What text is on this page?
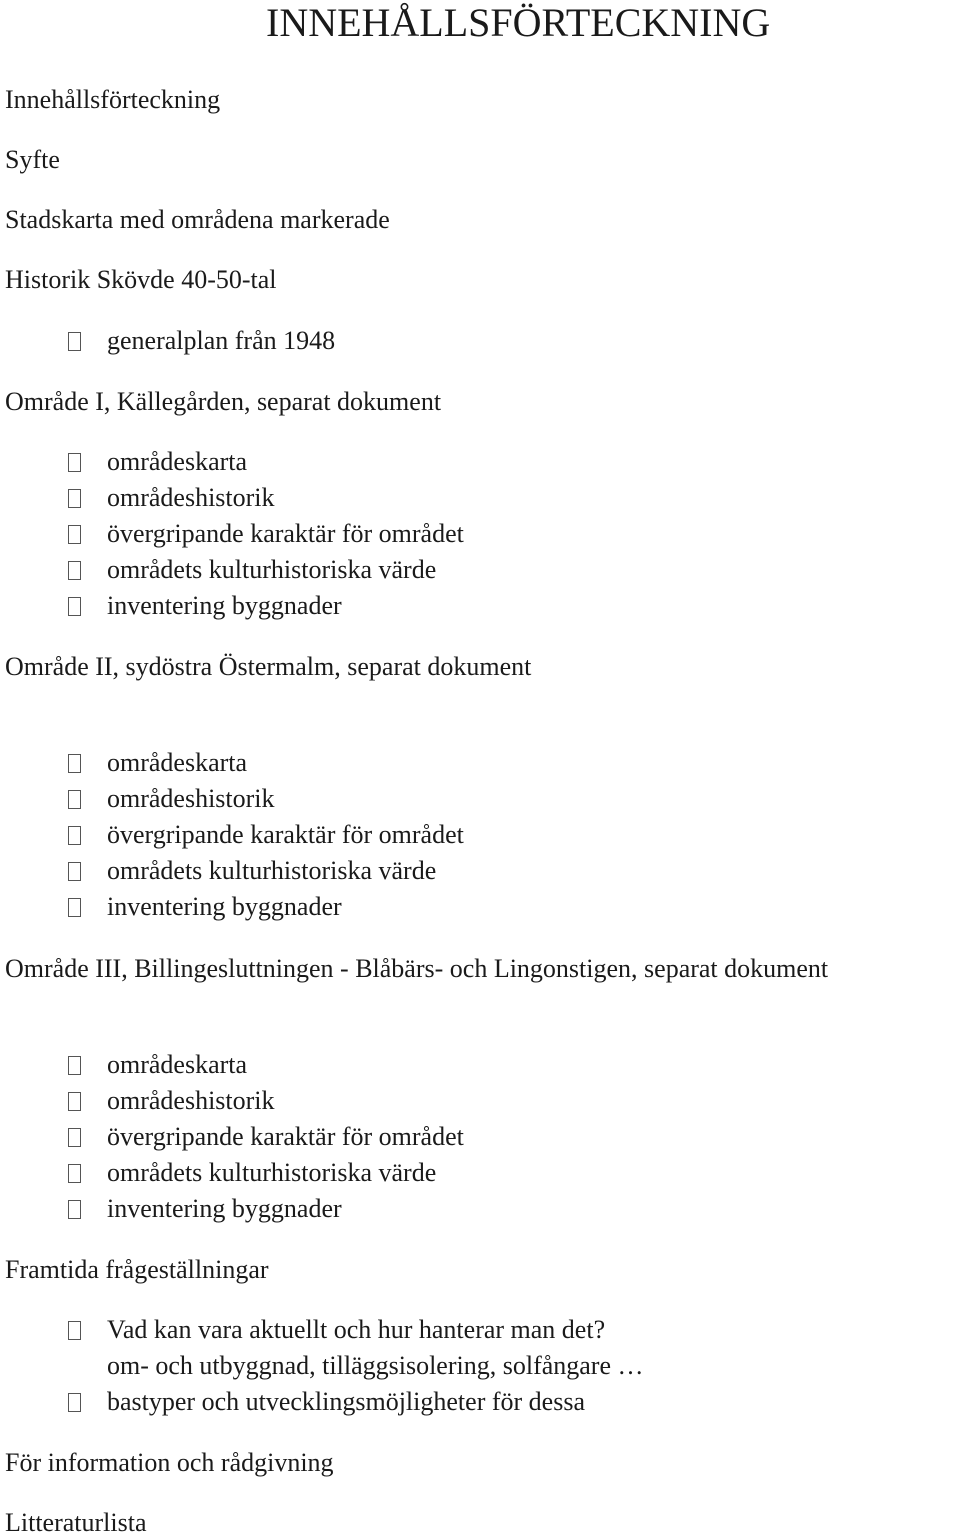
INNEHÅLLSFÖRTECKNING
Innehållsförteckning
Syfte
Stadskarta med områdena markerade
Historik Skövde 40-50-tal
generalplan från 1948
Område I, Källegården, separat dokument
områdeskarta
områdeshistorik
övergripande karaktär för området
områdets kulturhistoriska värde
inventering byggnader
Område II, sydöstra Östermalm, separat dokument
områdeskarta
områdeshistorik
övergripande karaktär för området
områdets kulturhistoriska värde
inventering byggnader
Område III, Billingesluttningen - Blåbärs- och Lingonstigen, separat dokument
områdeskarta
områdeshistorik
övergripande karaktär för området
områdets kulturhistoriska värde
inventering byggnader
Framtida frågeställningar
Vad kan vara aktuellt och hur hanterar man det?
om- och utbyggnad, tilläggsisolering, solfångare …
bastyper och utvecklingsmöjligheter för dessa
För information och rådgivning
Litteraturlista
